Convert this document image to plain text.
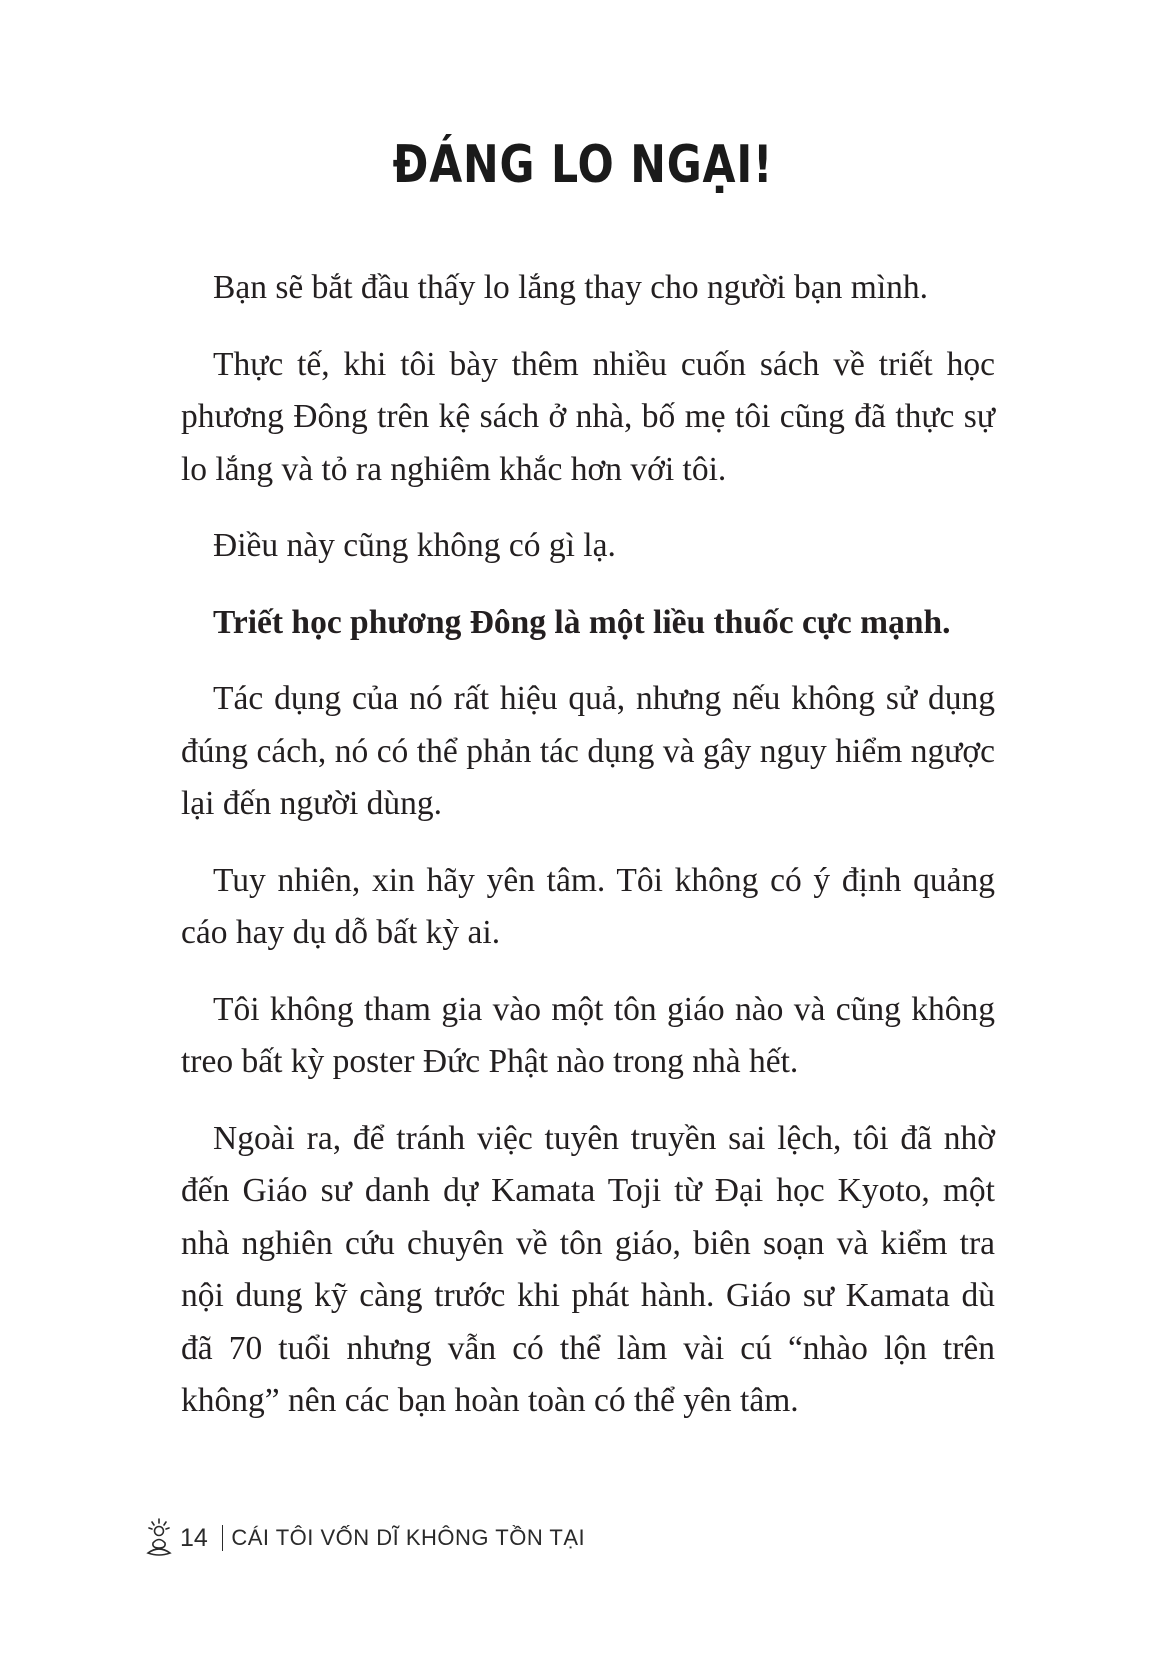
ĐÁNG LO NGẠI!

Bạn sẽ bắt đầu thấy lo lắng thay cho người bạn mình.

Thực tế, khi tôi bày thêm nhiều cuốn sách về triết học phương Đông trên kệ sách ở nhà, bố mẹ tôi cũng đã thực sự lo lắng và tỏ ra nghiêm khắc hơn với tôi.

Điều này cũng không có gì lạ.

Triết học phương Đông là một liều thuốc cực mạnh.

Tác dụng của nó rất hiệu quả, nhưng nếu không sử dụng đúng cách, nó có thể phản tác dụng và gây nguy hiểm ngược lại đến người dùng.

Tuy nhiên, xin hãy yên tâm. Tôi không có ý định quảng cáo hay dụ dỗ bất kỳ ai.

Tôi không tham gia vào một tôn giáo nào và cũng không treo bất kỳ poster Đức Phật nào trong nhà hết.

Ngoài ra, để tránh việc tuyên truyền sai lệch, tôi đã nhờ đến Giáo sư danh dự Kamata Toji từ Đại học Kyoto, một nhà nghiên cứu chuyên về tôn giáo, biên soạn và kiểm tra nội dung kỹ càng trước khi phát hành. Giáo sư Kamata dù đã 70 tuổi nhưng vẫn có thể làm vài cú “nhào lộn trên không” nên các bạn hoàn toàn có thể yên tâm.

14 CÁI TÔI VỐN DĨ KHÔNG TỒN TẠI
